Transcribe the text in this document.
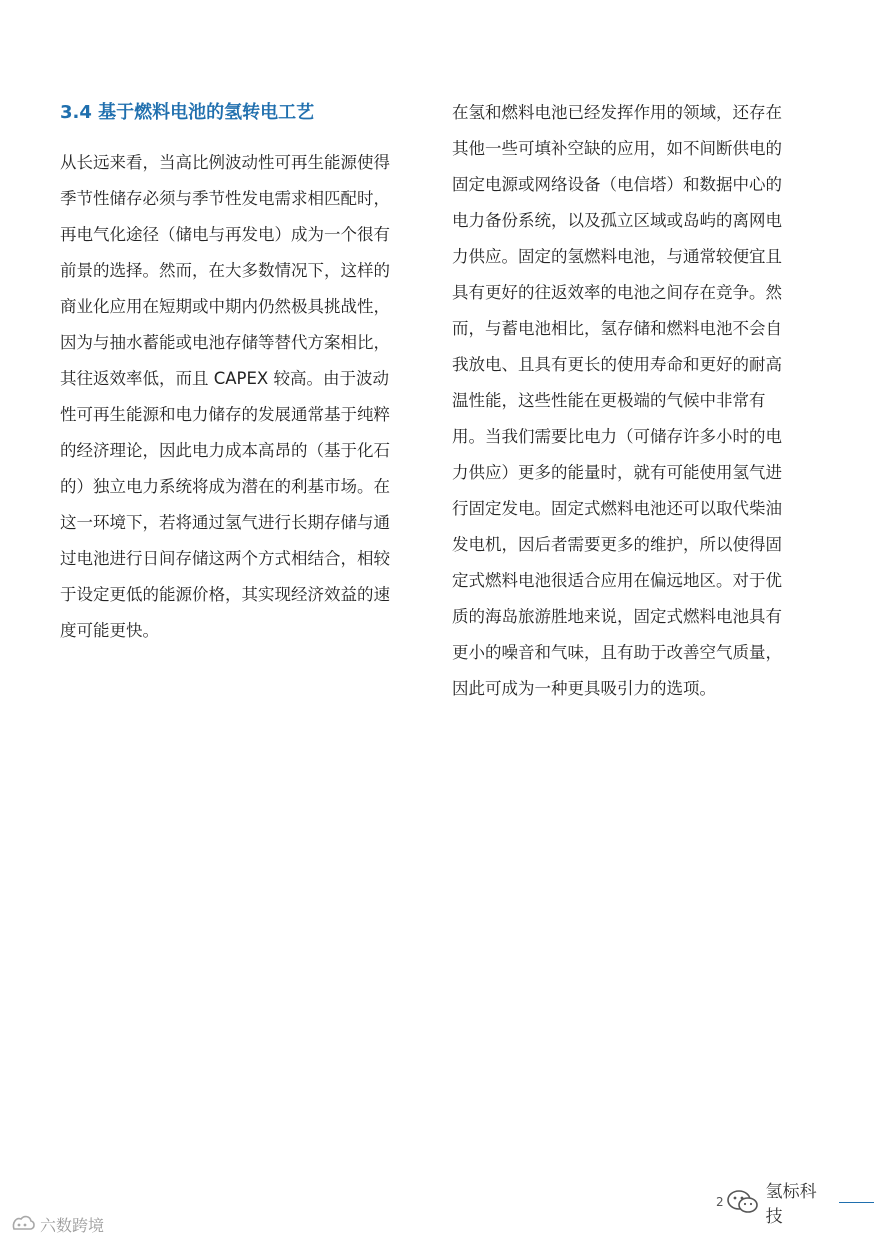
3.4 基于燃料电池的氢转电工艺
从长远来看，当高比例波动性可再生能源使得
季节性储存必须与季节性发电需求相匹配时，
再电气化途径（储电与再发电）成为一个很有
前景的选择。然而，在大多数情况下，这样的
商业化应用在短期或中期内仍然极具挑战性，
因为与抽水蓄能或电池存储等替代方案相比，
其往返效率低，而且 CAPEX 较高。由于波动
性可再生能源和电力储存的发展通常基于纯粹
的经济理论，因此电力成本高昂的（基于化石
的）独立电力系统将成为潜在的利基市场。在
这一环境下，若将通过氢气进行长期存储与通
过电池进行日间存储这两个方式相结合，相较
于设定更低的能源价格，其实现经济效益的速
度可能更快。
在氢和燃料电池已经发挥作用的领域，还存在
其他一些可填补空缺的应用，如不间断供电的
固定电源或网络设备（电信塔）和数据中心的
电力备份系统，以及孤立区域或岛屿的离网电
力供应。固定的氢燃料电池，与通常较便宜且
具有更好的往返效率的电池之间存在竞争。然
而，与蓄电池相比，氢存储和燃料电池不会自
我放电、且具有更长的使用寿命和更好的耐高
温性能，这些性能在更极端的气候中非常有
用。当我们需要比电力（可储存许多小时的电
力供应）更多的能量时，就有可能使用氢气进
行固定发电。固定式燃料电池还可以取代柴油
发电机，因后者需要更多的维护，所以使得固
定式燃料电池很适合应用在偏远地区。对于优
质的海岛旅游胜地来说，固定式燃料电池具有
更小的噪音和气味，且有助于改善空气质量，
因此可成为一种更具吸引力的选项。
2 氢标科技
六数跨境
